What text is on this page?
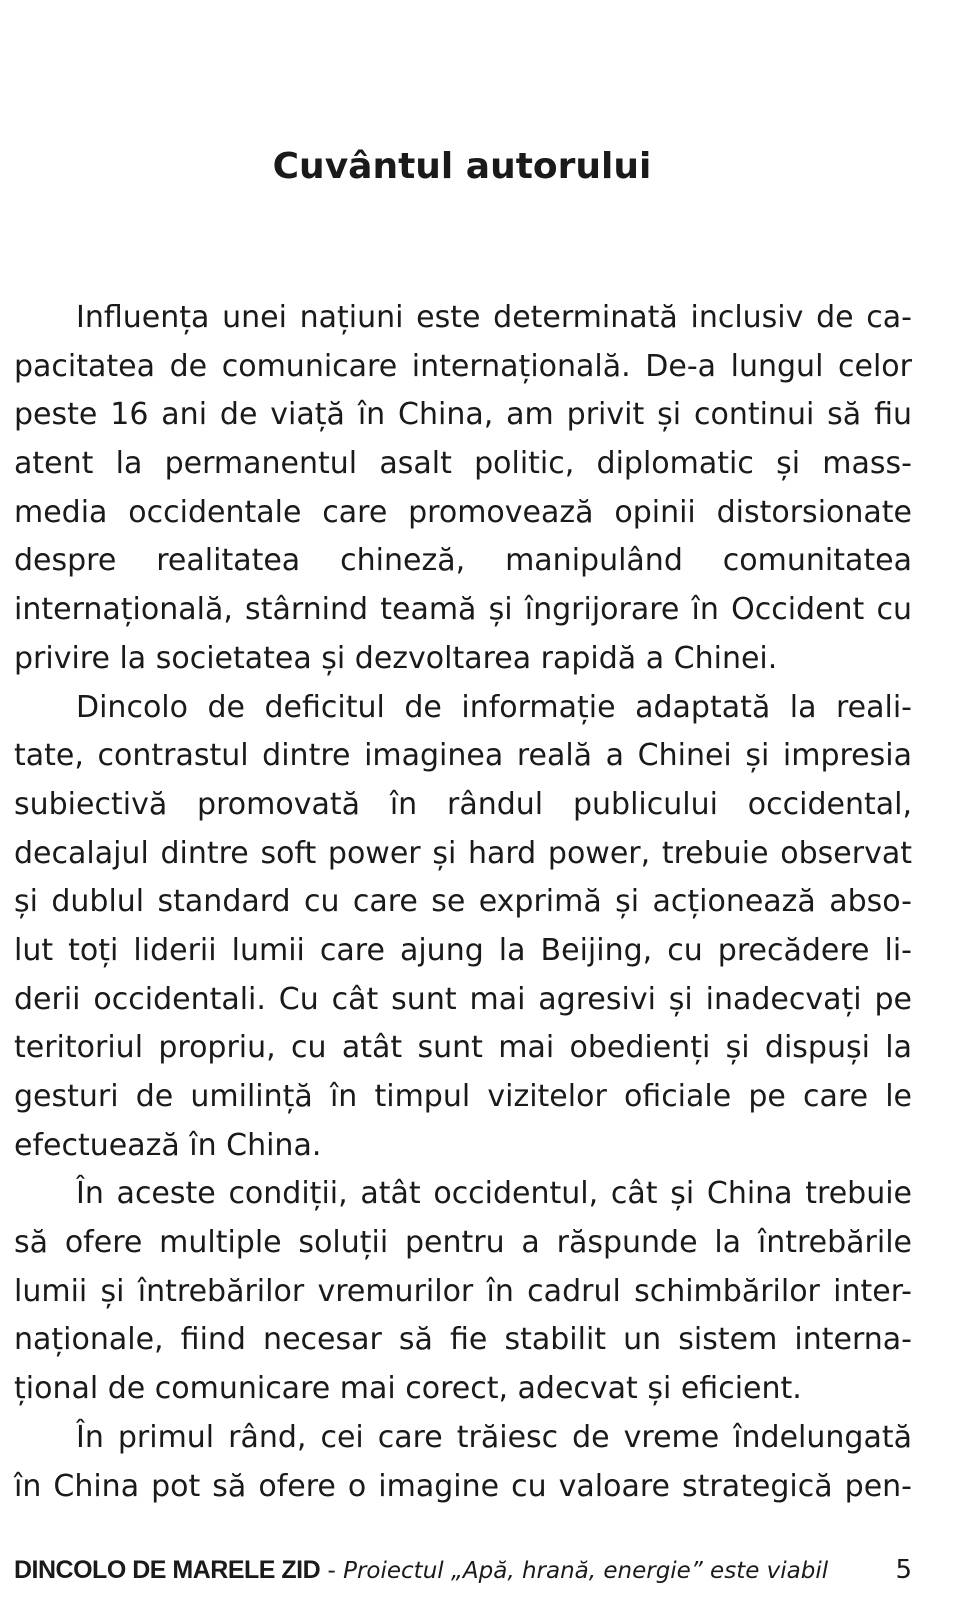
Cuvântul autorului
Influența unei națiuni este determinată inclusiv de ca-
pacitatea de comunicare internațională. De-a lungul celor
peste 16 ani de viață în China, am privit și continui să fiu
atent la permanentul asalt politic, diplomatic și mass-
media occidentale care promovează opinii distorsionate
despre realitatea chineză, manipulând comunitatea
internațională, stârnind teamă și îngrijorare în Occident cu
privire la societatea și dezvoltarea rapidă a Chinei.
Dincolo de deficitul de informație adaptată la reali-
tate, contrastul dintre imaginea reală a Chinei și impresia
subiectivă promovată în rândul publicului occidental,
decalajul dintre soft power și hard power, trebuie observat
și dublul standard cu care se exprimă și acționează abso-
lut toți liderii lumii care ajung la Beijing, cu precădere li-
derii occidentali. Cu cât sunt mai agresivi și inadecvați pe
teritoriul propriu, cu atât sunt mai obedienți și dispuși la
gesturi de umilință în timpul vizitelor oficiale pe care le
efectuează în China.
În aceste condiții, atât occidentul, cât și China trebuie
să ofere multiple soluții pentru a răspunde la întrebările
lumii și întrebărilor vremurilor în cadrul schimbărilor inter-
naționale, fiind necesar să fie stabilit un sistem interna-
țional de comunicare mai corect, adecvat și eficient.
În primul rând, cei care trăiesc de vreme îndelungată
în China pot să ofere o imagine cu valoare strategică pen-
DINCOLO DE MARELE ZID - Proiectul „Apă, hrană, energie” este viabil	5
